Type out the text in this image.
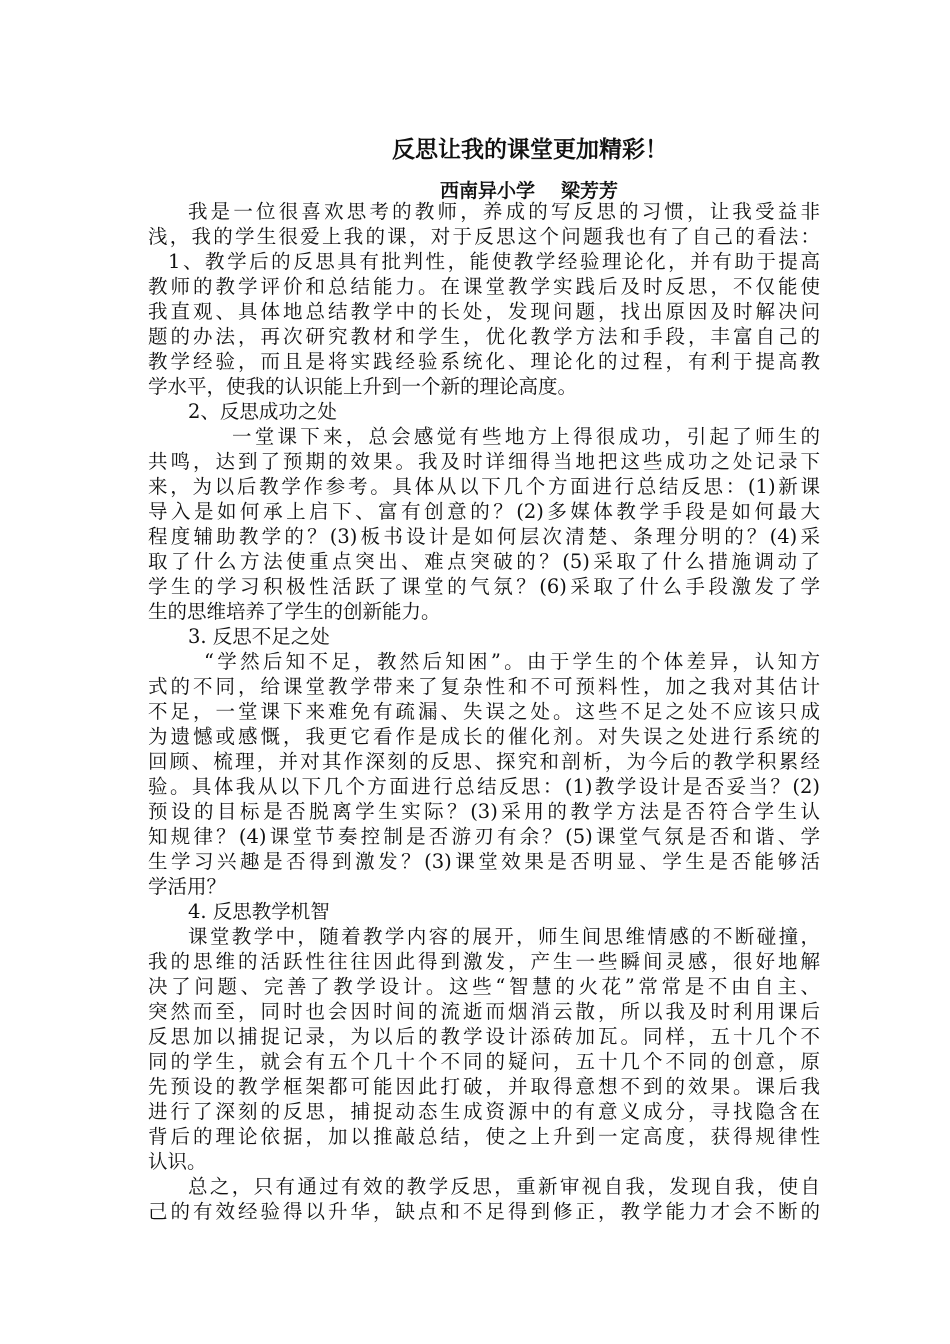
反思让我的课堂更加精彩！
西南异小学 梁芳芳
我是一位很喜欢思考的教师，养成的写反思的习惯，让我受益非
浅，我的学生很爱上我的课，对于反思这个问题我也有了自己的看法：
1、教学后的反思具有批判性，能使教学经验理论化，并有助于提高
教师的教学评价和总结能力。在课堂教学实践后及时反思，不仅能使
我直观、具体地总结教学中的长处，发现问题，找出原因及时解决问
题的办法，再次研究教材和学生，优化教学方法和手段，丰富自己的
教学经验，而且是将实践经验系统化、理论化的过程，有利于提高教
学水平，使我的认识能上升到一个新的理论高度。
2、反思成功之处
一堂课下来，总会感觉有些地方上得很成功，引起了师生的
共鸣，达到了预期的效果。我及时详细得当地把这些成功之处记录下
来，为以后教学作参考。具体从以下几个方面进行总结反思：(1)新课
导入是如何承上启下、富有创意的？(2)多媒体教学手段是如何最大
程度辅助教学的？(3)板书设计是如何层次清楚、条理分明的？(4)采
取了什么方法使重点突出、难点突破的？(5)采取了什么措施调动了
学生的学习积极性活跃了课堂的气氛？(6)采取了什么手段激发了学
生的思维培养了学生的创新能力。
3. 反思不足之处
“学然后知不足，教然后知困”。由于学生的个体差异，认知方
式的不同，给课堂教学带来了复杂性和不可预料性，加之我对其估计
不足，一堂课下来难免有疏漏、失误之处。这些不足之处不应该只成
为遗憾或感慨，我更它看作是成长的催化剂。对失误之处进行系统的
回顾、梳理，并对其作深刻的反思、探究和剖析，为今后的教学积累经
验。具体我从以下几个方面进行总结反思：(1)教学设计是否妥当？(2)
预设的目标是否脱离学生实际？(3)采用的教学方法是否符合学生认
知规律？(4)课堂节奏控制是否游刃有余？(5)课堂气氛是否和谐、学
生学习兴趣是否得到激发？(3)课堂效果是否明显、学生是否能够活
学活用？
4. 反思教学机智
课堂教学中，随着教学内容的展开，师生间思维情感的不断碰撞，
我的思维的活跃性往往因此得到激发，产生一些瞬间灵感，很好地解
决了问题、完善了教学设计。这些“智慧的火花”常常是不由自主、
突然而至，同时也会因时间的流逝而烟消云散，所以我及时利用课后
反思加以捕捉记录，为以后的教学设计添砖加瓦。同样，五十几个不
同的学生，就会有五个几十个不同的疑问，五十几个不同的创意，原
先预设的教学框架都可能因此打破，并取得意想不到的效果。课后我
进行了深刻的反思，捕捉动态生成资源中的有意义成分，寻找隐含在
背后的理论依据，加以推敲总结，使之上升到一定高度，获得规律性
认识。
总之，只有通过有效的教学反思，重新审视自我，发现自我，使自
己的有效经验得以升华，缺点和不足得到修正，教学能力才会不断的
